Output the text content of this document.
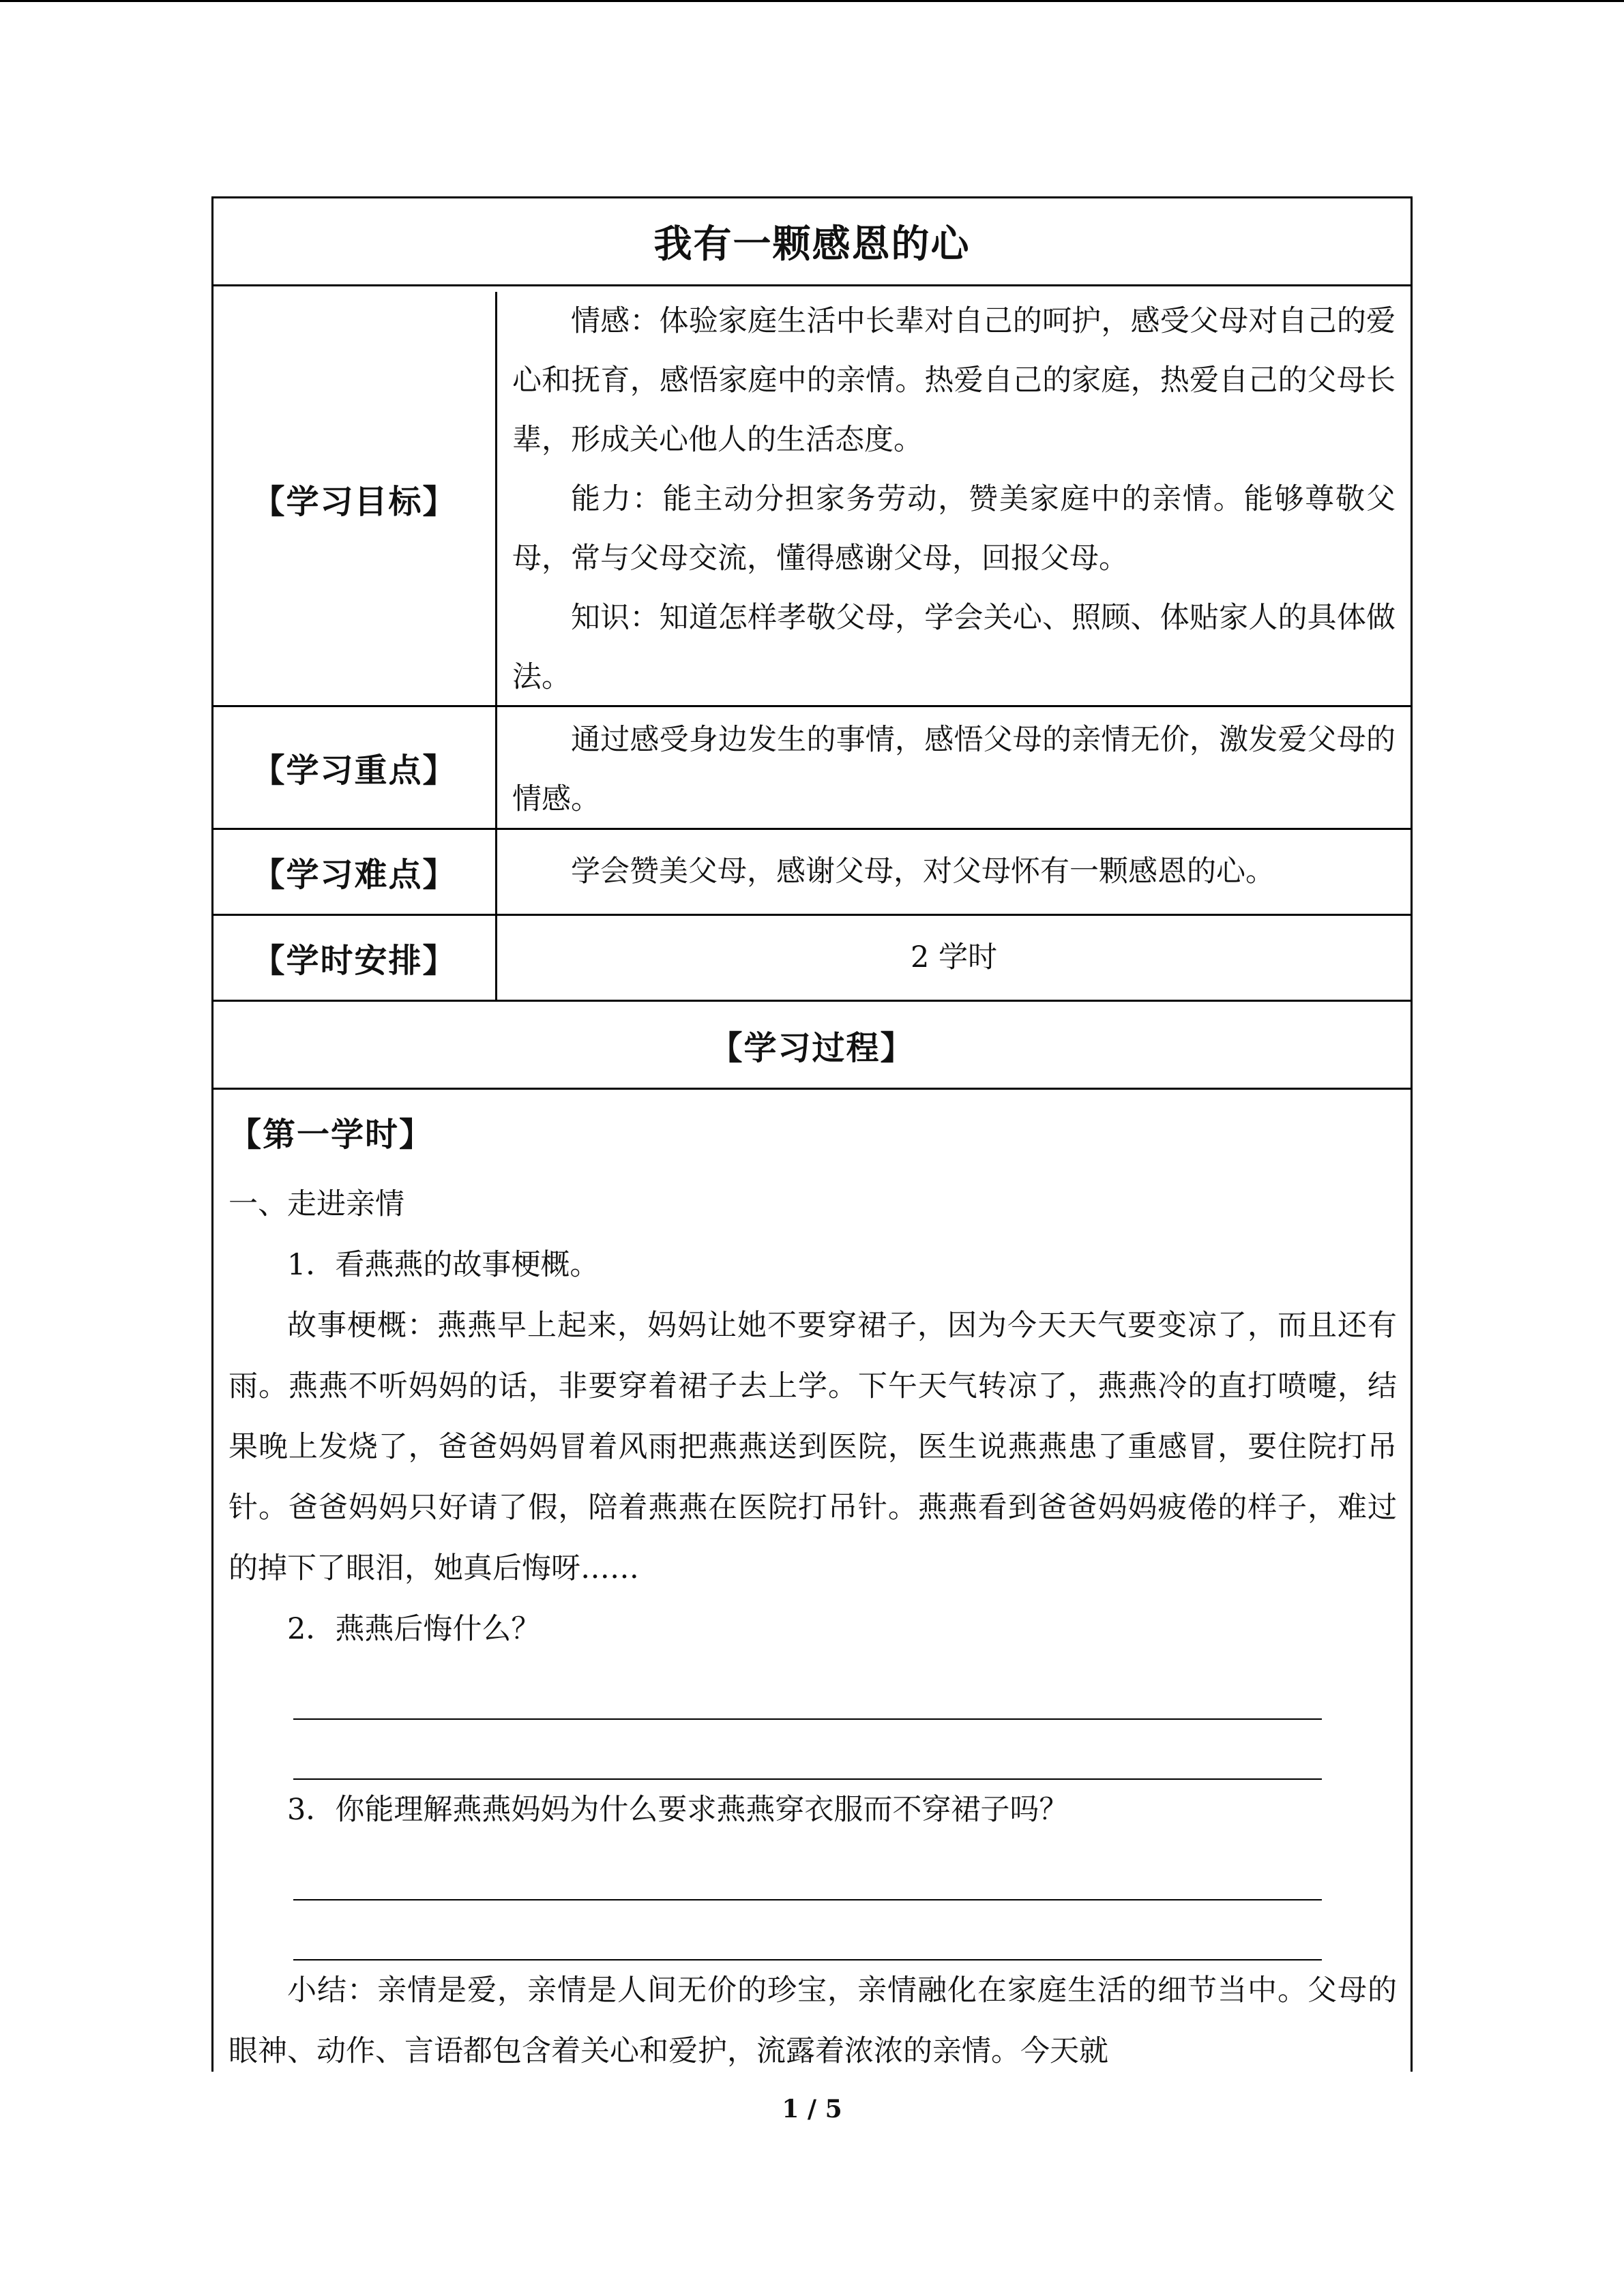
我有一颗感恩的心
【学习目标】

情感：体验家庭生活中长辈对自己的呵护，感受父母对自己的爱心和抚育，感悟家庭中的亲情。热爱自己的家庭，热爱自己的父母长辈，形成关心他人的生活态度。

能力：能主动分担家务劳动，赞美家庭中的亲情。能够尊敬父母，常与父母交流，懂得感谢父母，回报父母。

知识：知道怎样孝敬父母，学会关心、照顾、体贴家人的具体做法。

【学习重点】

通过感受身边发生的事情，感悟父母的亲情无价，激发爱父母的情感。

【学习难点】	学会赞美父母，感谢父母，对父母怀有一颗感恩的心。

【学时安排】	2 学时

【学习过程】
【第一学时】

一、走进亲情

1．看燕燕的故事梗概。

故事梗概：燕燕早上起来，妈妈让她不要穿裙子，因为今天天气要变凉了，而且还有雨。燕燕不听妈妈的话，非要穿着裙子去上学。下午天气转凉了，燕燕冷的直打喷嚏，结果晚上发烧了，爸爸妈妈冒着风雨把燕燕送到医院，医生说燕燕患了重感冒，要住院打吊针。爸爸妈妈只好请了假，陪着燕燕在医院打吊针。燕燕看到爸爸妈妈疲倦的样子，难过的掉下了眼泪，她真后悔呀……

2．燕燕后悔什么？

3．你能理解燕燕妈妈为什么要求燕燕穿衣服而不穿裙子吗？

小结：亲情是爱，亲情是人间无价的珍宝，亲情融化在家庭生活的细节当中。父母的眼神、动作、言语都包含着关心和爱护，流露着浓浓的亲情。今天就

1 / 5
